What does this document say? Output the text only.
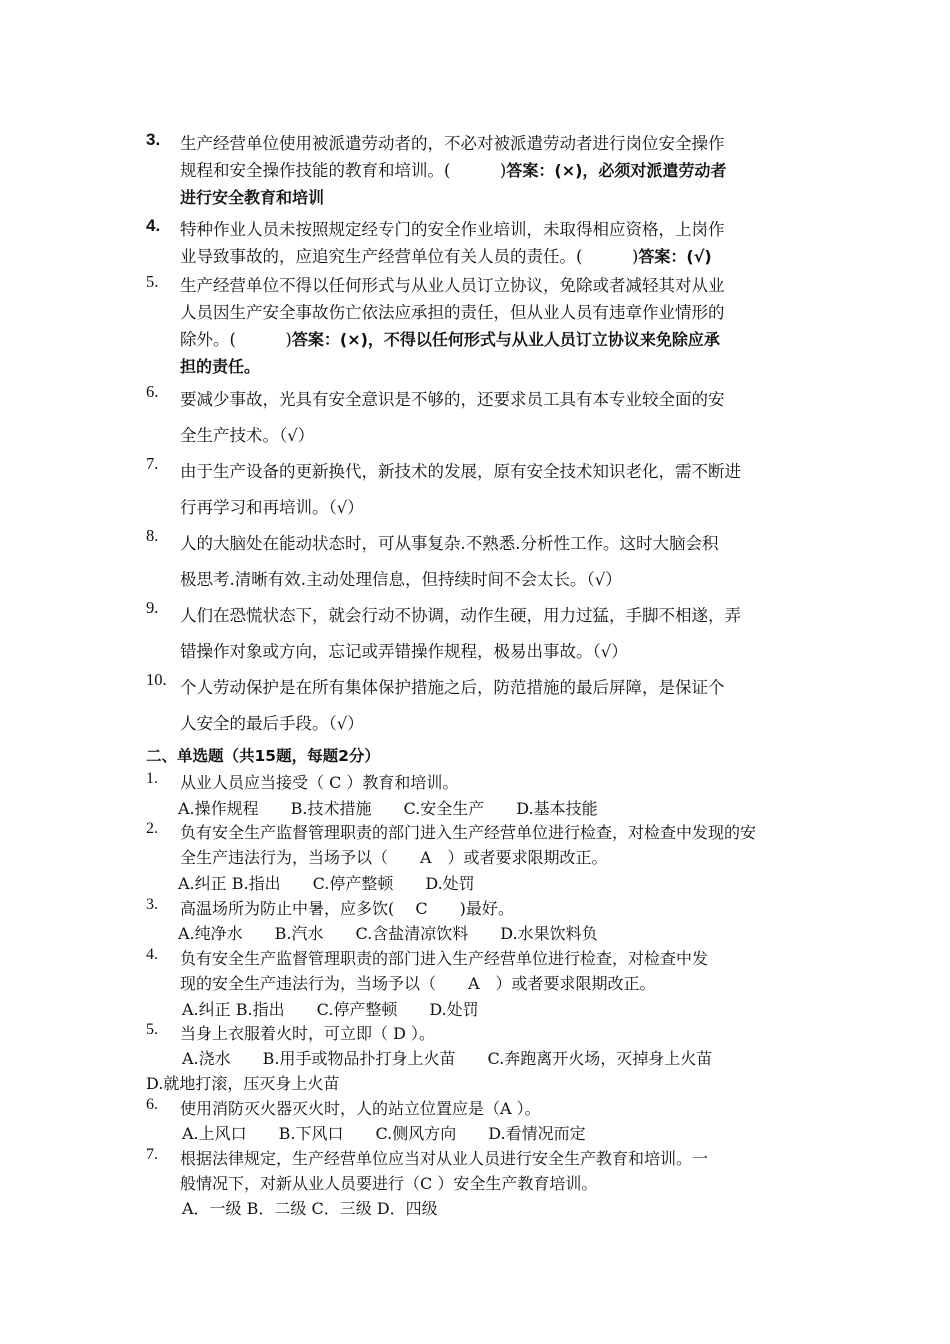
3. 生产经营单位使用被派遣劳动者的，不必对被派遣劳动者进行岗位安全操作
规程和安全操作技能的教育和培训。(　　　)答案：(×)，必须对派遣劳动者
进行安全教育和培训
4. 特种作业人员未按照规定经专门的安全作业培训，未取得相应资格，上岗作
业导致事故的，应追究生产经营单位有关人员的责任。(　　　)答案：(√)
5. 生产经营单位不得以任何形式与从业人员订立协议，免除或者减轻其对从业
人员因生产安全事故伤亡依法应承担的责任，但从业人员有违章作业情形的
除外。(　　　)答案：(×)，不得以任何形式与从业人员订立协议来免除应承
担的责任。
6. 要减少事故，光具有安全意识是不够的，还要求员工具有本专业较全面的安
全生产技术。（√）
7. 由于生产设备的更新换代，新技术的发展，原有安全技术知识老化，需不断进
行再学习和再培训。（√）
8. 人的大脑处在能动状态时，可从事复杂.不熟悉.分析性工作。这时大脑会积
极思考.清晰有效.主动处理信息，但持续时间不会太长。（√）
9. 人们在恐慌状态下，就会行动不协调，动作生硬，用力过猛，手脚不相遂，弄
错操作对象或方向，忘记或弄错操作规程，极易出事故。（√）
10. 个人劳动保护是在所有集体保护措施之后，防范措施的最后屏障，是保证个
人安全的最后手段。（√）
二、单选题（共15题，每题2分）
1. 从业人员应当接受（ C ）教育和培训。
A.操作规程　　B.技术措施　　C.安全生产　　D.基本技能
2. 负有安全生产监督管理职责的部门进入生产经营单位进行检查，对检查中发现的安
全生产违法行为，当场予以（　　A　）或者要求限期改正。
A.纠正 B.指出　　C.停产整顿　　D.处罚
3. 高温场所为防止中暑，应多饮(　 C　　)最好。
A.纯净水　　B.汽水　　C.含盐清凉饮料　　D.水果饮料负
4. 负有安全生产监督管理职责的部门进入生产经营单位进行检查，对检查中发
现的安全生产违法行为，当场予以（　　A　）或者要求限期改正。
A.纠正 B.指出　　C.停产整顿　　D.处罚
5. 当身上衣服着火时，可立即（ D ）。
A.浇水　　B.用手或物品扑打身上火苗　　C.奔跑离开火场，灭掉身上火苗
D.就地打滚，压灭身上火苗
6. 使用消防灭火器灭火时，人的站立位置应是（A ）。
A.上风口　　B.下风口　　C.侧风方向　　D.看情况而定
7. 根据法律规定，生产经营单位应当对从业人员进行安全生产教育和培训。一
般情况下，对新从业人员要进行（C ）安全生产教育培训。
A．一级 B．二级 C．三级 D．四级
